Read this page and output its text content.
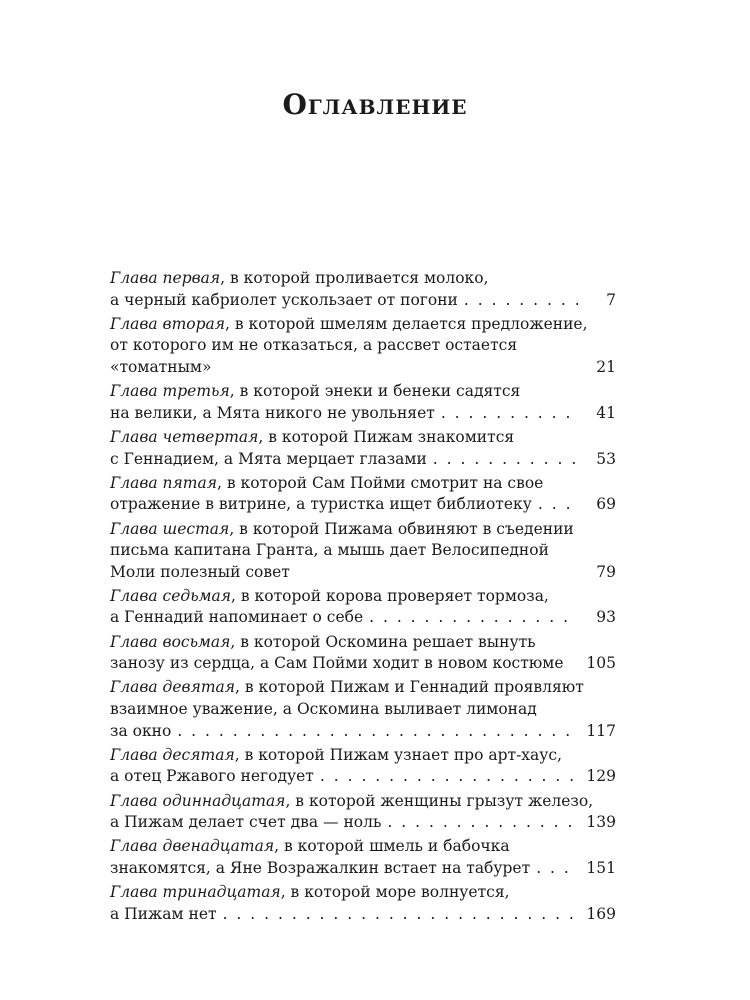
Оглавление
Глава первая, в которой проливается молоко,
а черный кабриолет ускользает от погони . . .	7
Глава вторая, в которой шмелям делается предложение,
от которого им не отказаться, а рассвет остается
«томатным»	21
Глава третья, в которой энеки и бенеки садятся
на велики, а Мята никого не увольняет . . .	41
Глава четвертая, в которой Пижам знакомится
с Геннадием, а Мята мерцает глазами . . .	53
Глава пятая, в которой Сам Пойми смотрит на свое
отражение в витрине, а туристка ищет библиотеку . . .	69
Глава шестая, в которой Пижама обвиняют в съедении
письма капитана Гранта, а мышь дает Велосипедной
Моли полезный совет	79
Глава седьмая, в которой корова проверяет тормоза,
а Геннадий напоминает о себе . . .	93
Глава восьмая, в которой Оскомина решает вынуть
занозу из сердца, а Сам Пойми ходит в новом костюме 105
Глава девятая, в которой Пижам и Геннадий проявляют
взаимное уважение, а Оскомина выливает лимонад
за окно . . .	117
Глава десятая, в которой Пижам узнает про арт-хаус,
а отец Ржавого негодует . . .	129
Глава одиннадцатая, в которой женщины грызут железо,
а Пижам делает счет два — ноль . . .	139
Глава двенадцатая, в которой шмель и бабочка
знакомятся, а Яне Возражалкин встает на табурет . . .	151
Глава тринадцатая, в которой море волнуется,
а Пижам нет . . .	169
